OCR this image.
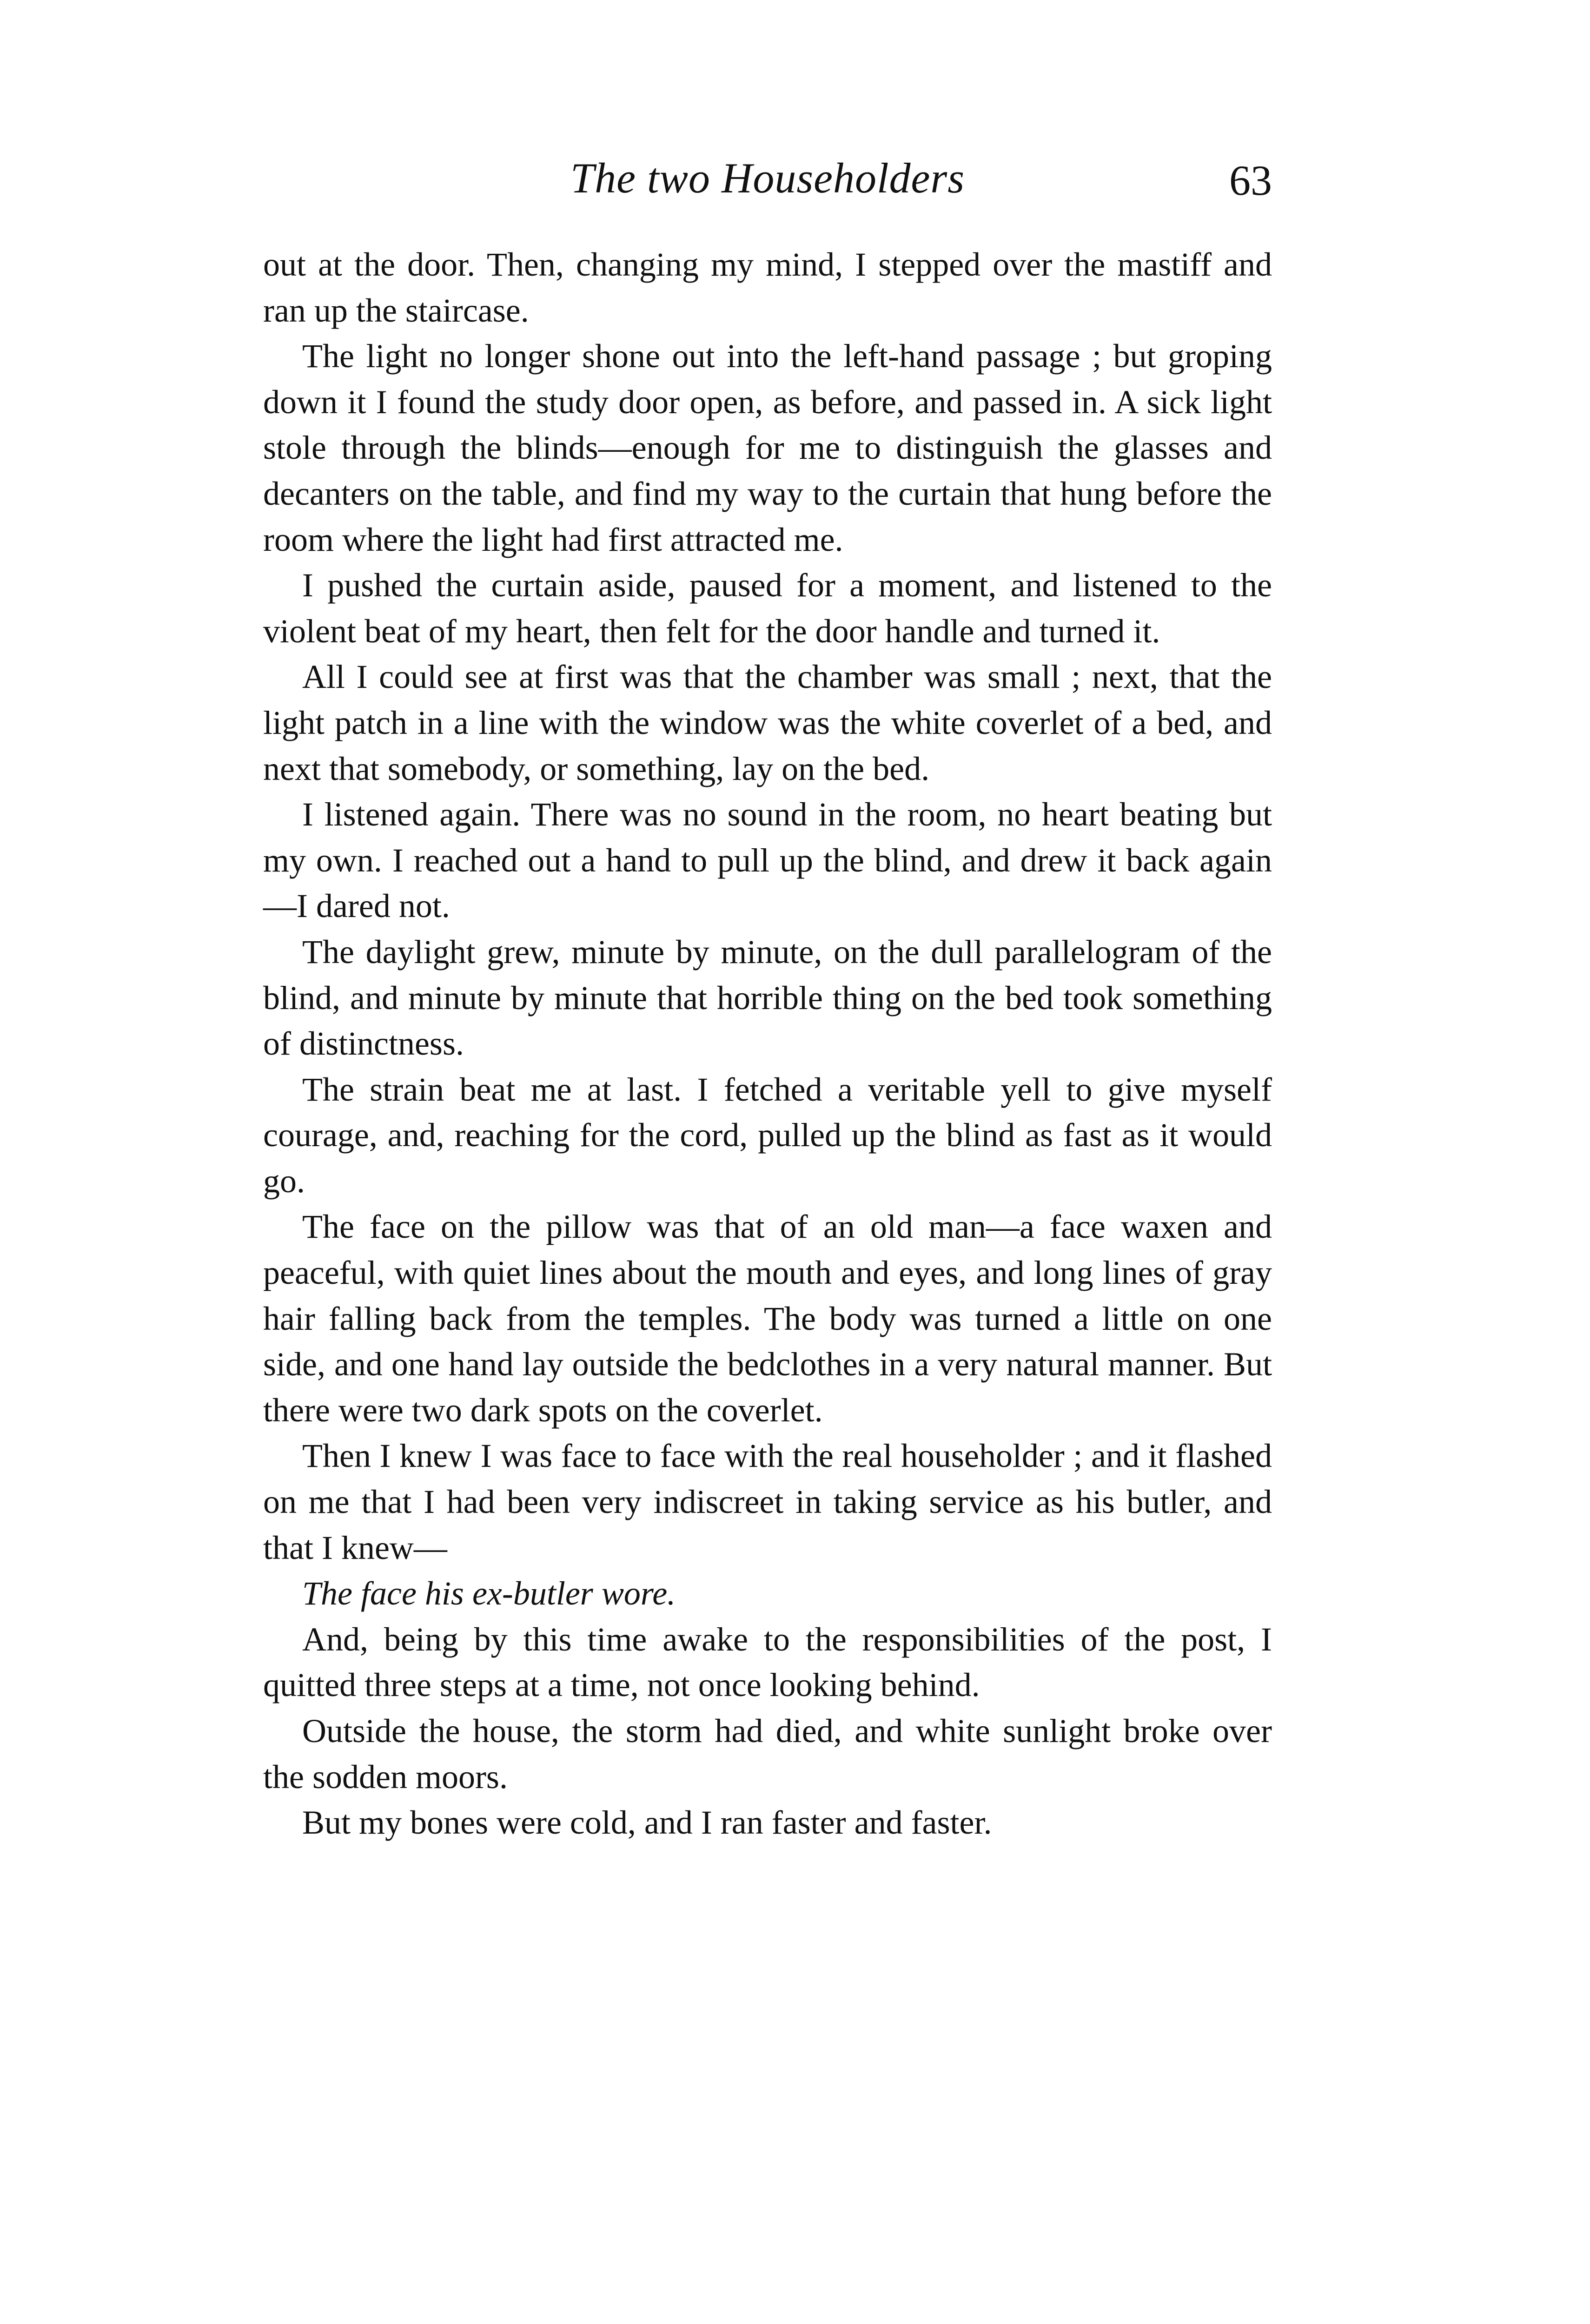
The two Householders	63

out at the door. Then, changing my mind, I stepped over the mastiff and ran up the staircase.

The light no longer shone out into the left-hand passage ; but groping down it I found the study door open, as before, and passed in. A sick light stole through the blinds—enough for me to distinguish the glasses and decanters on the table, and find my way to the curtain that hung before the room where the light had first attracted me.

I pushed the curtain aside, paused for a moment, and listened to the violent beat of my heart, then felt for the door handle and turned it.

All I could see at first was that the chamber was small ; next, that the light patch in a line with the window was the white coverlet of a bed, and next that somebody, or something, lay on the bed.

I listened again. There was no sound in the room, no heart beating but my own. I reached out a hand to pull up the blind, and drew it back again—I dared not.

The daylight grew, minute by minute, on the dull parallelogram of the blind, and minute by minute that horrible thing on the bed took something of distinctness.

The strain beat me at last. I fetched a veritable yell to give myself courage, and, reaching for the cord, pulled up the blind as fast as it would go.

The face on the pillow was that of an old man—a face waxen and peaceful, with quiet lines about the mouth and eyes, and long lines of gray hair falling back from the temples. The body was turned a little on one side, and one hand lay outside the bedclothes in a very natural manner. But there were two dark spots on the coverlet.

Then I knew I was face to face with the real householder ; and it flashed on me that I had been very indiscreet in taking service as his butler, and that I knew—

The face his ex-butler wore.

And, being by this time awake to the responsibilities of the post, I quitted three steps at a time, not once looking behind.

Outside the house, the storm had died, and white sunlight broke over the sodden moors.

But my bones were cold, and I ran faster and faster.
